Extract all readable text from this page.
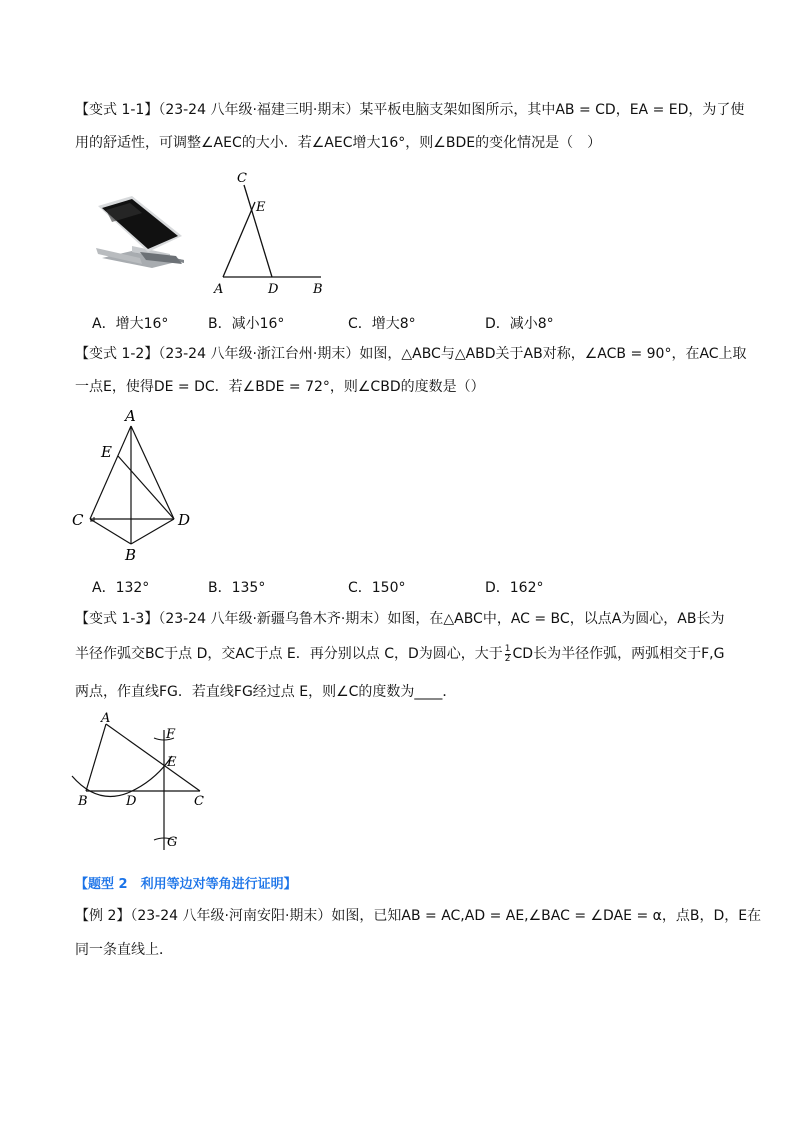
【变式 1-1】（23-24 八年级·福建三明·期末）某平板电脑支架如图所示，其中AB = CD，EA = ED，为了使
用的舒适性，可调整∠AEC的大小．若∠AEC增大16°，则∠BDE的变化情况是（　）
C
E
A	D	B
A．增大16°	B．减小16°	C．增大8°	D．减小8°
【变式 1-2】（23-24 八年级·浙江台州·期末）如图，△ABC与△ABD关于AB对称，∠ACB = 90°，在AC上取
一点E，使得DE = DC．若∠BDE = 72°，则∠CBD的度数是（）
A
E
C	D
B
A．132°	B．135°	C．150°	D．162°
【变式 1-3】（23-24 八年级·新疆乌鲁木齐·期末）如图，在△ABC中，AC = BC，以点A为圆心，AB长为
半径作弧交BC于点 D，交AC于点 E．再分别以点 C，D为圆心，大于 $\frac{1}{2}$ CD长为半径作弧，两弧相交于F,G
两点，作直线FG．若直线FG经过点 E，则∠C的度数为____．
A
F
E
B	D	C
G
【题型 2　利用等边对等角进行证明】
【例 2】（23-24 八年级·河南安阳·期末）如图，已知AB = AC,AD = AE,∠BAC = ∠DAE = α，点B，D，E在
同一条直线上．
